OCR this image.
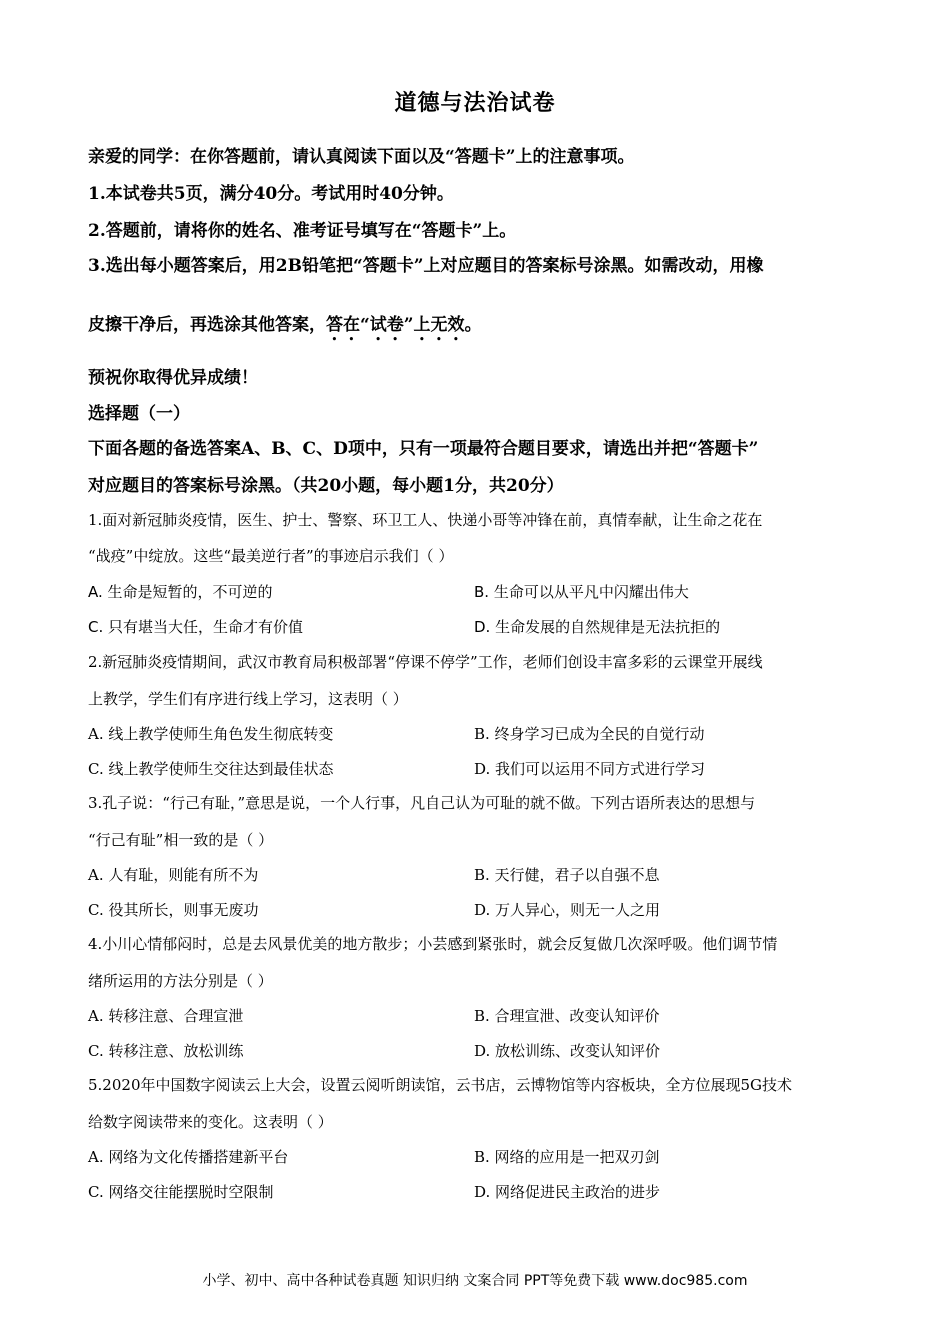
道德与法治试卷
亲爱的同学：在你答题前，请认真阅读下面以及“答题卡”上的注意事项。
1.本试卷共5页，满分40分。考试用时40分钟。
2.答题前，请将你的姓名、准考证号填写在“答题卡”上。
3.选出每小题答案后，用2B铅笔把“答题卡”上对应题目的答案标号涂黑。如需改动，用橡
皮擦干净后，再选涂其他答案，答在“试卷”上无效。
预祝你取得优异成绩！
选择题（一）
下面各题的备选答案A、B、C、D项中，只有一项最符合题目要求，请选出并把“答题卡”
对应题目的答案标号涂黑。（共20小题，每小题1分，共20分）
1.面对新冠肺炎疫情，医生、护士、警察、环卫工人、快递小哥等冲锋在前，真情奉献，让生命之花在
“战疫”中绽放。这些“最美逆行者”的事迹启示我们（ ）
A. 生命是短暂的，不可逆的	B. 生命可以从平凡中闪耀出伟大
C. 只有堪当大任，生命才有价值	D. 生命发展的自然规律是无法抗拒的
2.新冠肺炎疫情期间，武汉市教育局积极部署“停课不停学”工作，老师们创设丰富多彩的云课堂开展线
上教学，学生们有序进行线上学习，这表明（ ）
A. 线上教学使师生角色发生彻底转变	B. 终身学习已成为全民的自觉行动
C. 线上教学使师生交往达到最佳状态	D. 我们可以运用不同方式进行学习
3.孔子说：“行己有耻，”意思是说，一个人行事，凡自己认为可耻的就不做。下列古语所表达的思想与
“行己有耻”相一致的是（ ）
A. 人有耻，则能有所不为	B. 天行健，君子以自强不息
C. 役其所长，则事无废功	D. 万人异心，则无一人之用
4.小川心情郁闷时，总是去风景优美的地方散步；小芸感到紧张时，就会反复做几次深呼吸。他们调节情
绪所运用的方法分别是（ ）
A. 转移注意、合理宣泄	B. 合理宣泄、改变认知评价
C. 转移注意、放松训练	D. 放松训练、改变认知评价
5.2020年中国数字阅读云上大会，设置云阅听朗读馆，云书店，云博物馆等内容板块，全方位展现5G技术
给数字阅读带来的变化。这表明（ ）
A. 网络为文化传播搭建新平台	B. 网络的应用是一把双刃剑
C. 网络交往能摆脱时空限制	D. 网络促进民主政治的进步
小学、初中、高中各种试卷真题 知识归纳 文案合同 PPT等免费下载 www.doc985.com
